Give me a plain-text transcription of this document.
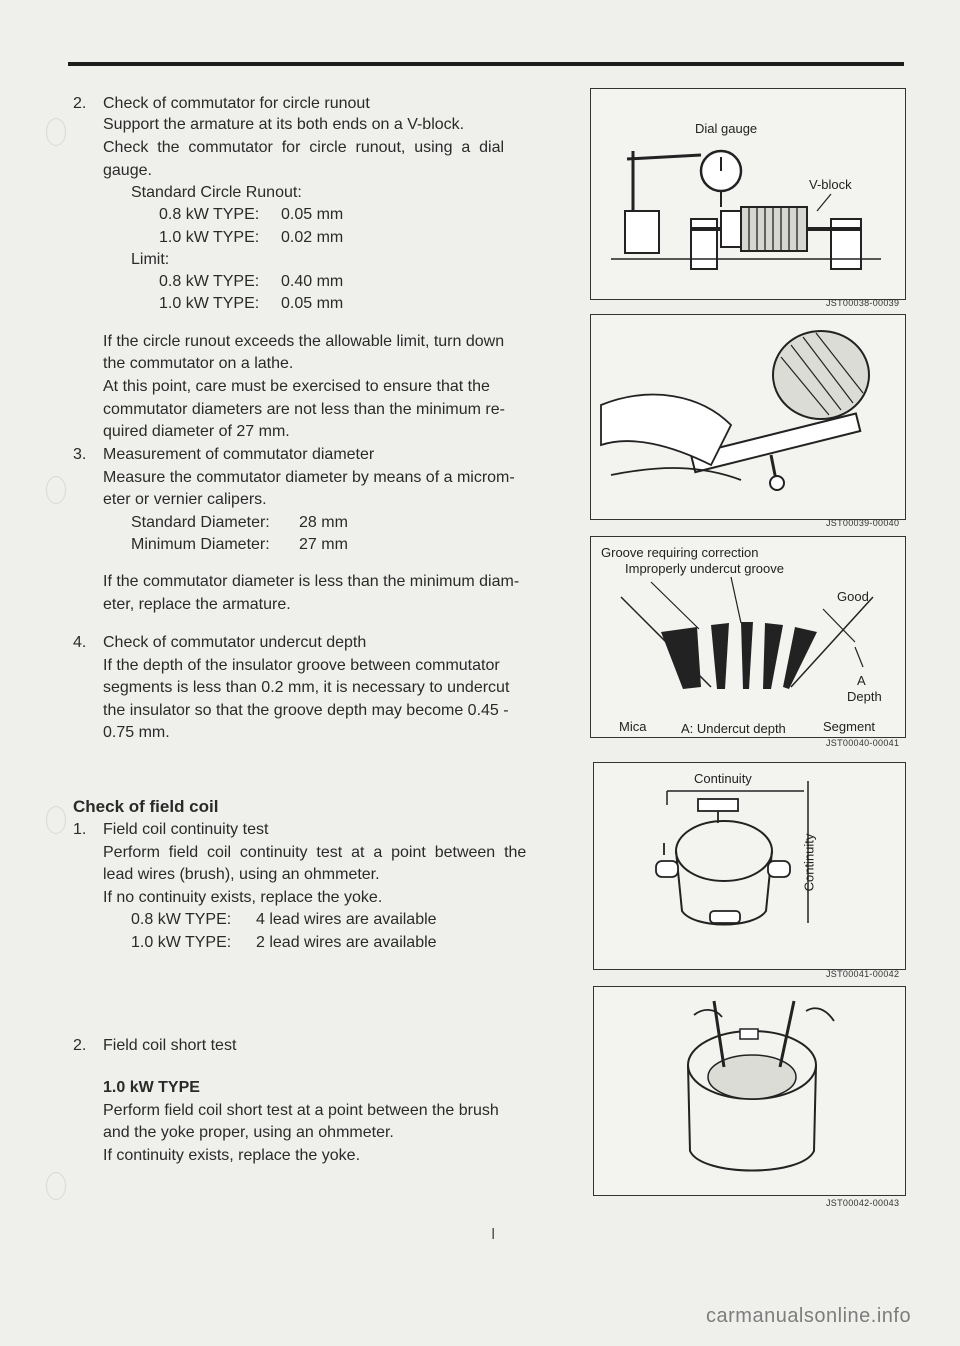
2. Check of commutator for circle runout
Support the armature at its both ends on a V-block.
Check  the  commutator  for  circle  runout,  using  a  dial
gauge.
Standard Circle Runout:
0.8 kW TYPE: 0.05 mm
1.0 kW TYPE: 0.02 mm
Limit:
0.8 kW TYPE: 0.40 mm
1.0 kW TYPE: 0.05 mm
If the circle runout exceeds the allowable limit, turn down
the commutator on a lathe.
At this point, care must be exercised to ensure that the
commutator diameters are not less than the minimum re-
quired diameter of 27 mm.
3. Measurement of commutator diameter
Measure the commutator diameter by means of a microm-
eter or vernier calipers.
Standard Diameter: 28 mm
Minimum Diameter: 27 mm
If the commutator diameter is less than the minimum diam-
eter, replace the armature.
4. Check of commutator undercut depth
If the depth of the insulator groove between commutator
segments is less than 0.2 mm, it is necessary to undercut
the insulator so that the groove depth may become 0.45 -
0.75 mm.
Check of field coil
1. Field coil continuity test
Perform  field  coil  continuity  test  at  a  point  between  the
lead wires (brush), using an ohmmeter.
If no continuity exists, replace the yoke.
0.8 kW TYPE: 4 lead wires are available
1.0 kW TYPE: 2 lead wires are available
2. Field coil short test
1.0 kW TYPE
Perform field coil short test at a point between the brush
and the yoke proper, using an ohmmeter.
If continuity exists, replace the yoke.
Dial gauge
V-block
JST00038-00039
JST00039-00040
Groove requiring correction
Improperly undercut groove
Good
A
Depth
Mica	A: Undercut depth	Segment
JST00040-00041
Continuity
Continuity
JST00041-00042
JST00042-00043
I
carmanualsonline.info
